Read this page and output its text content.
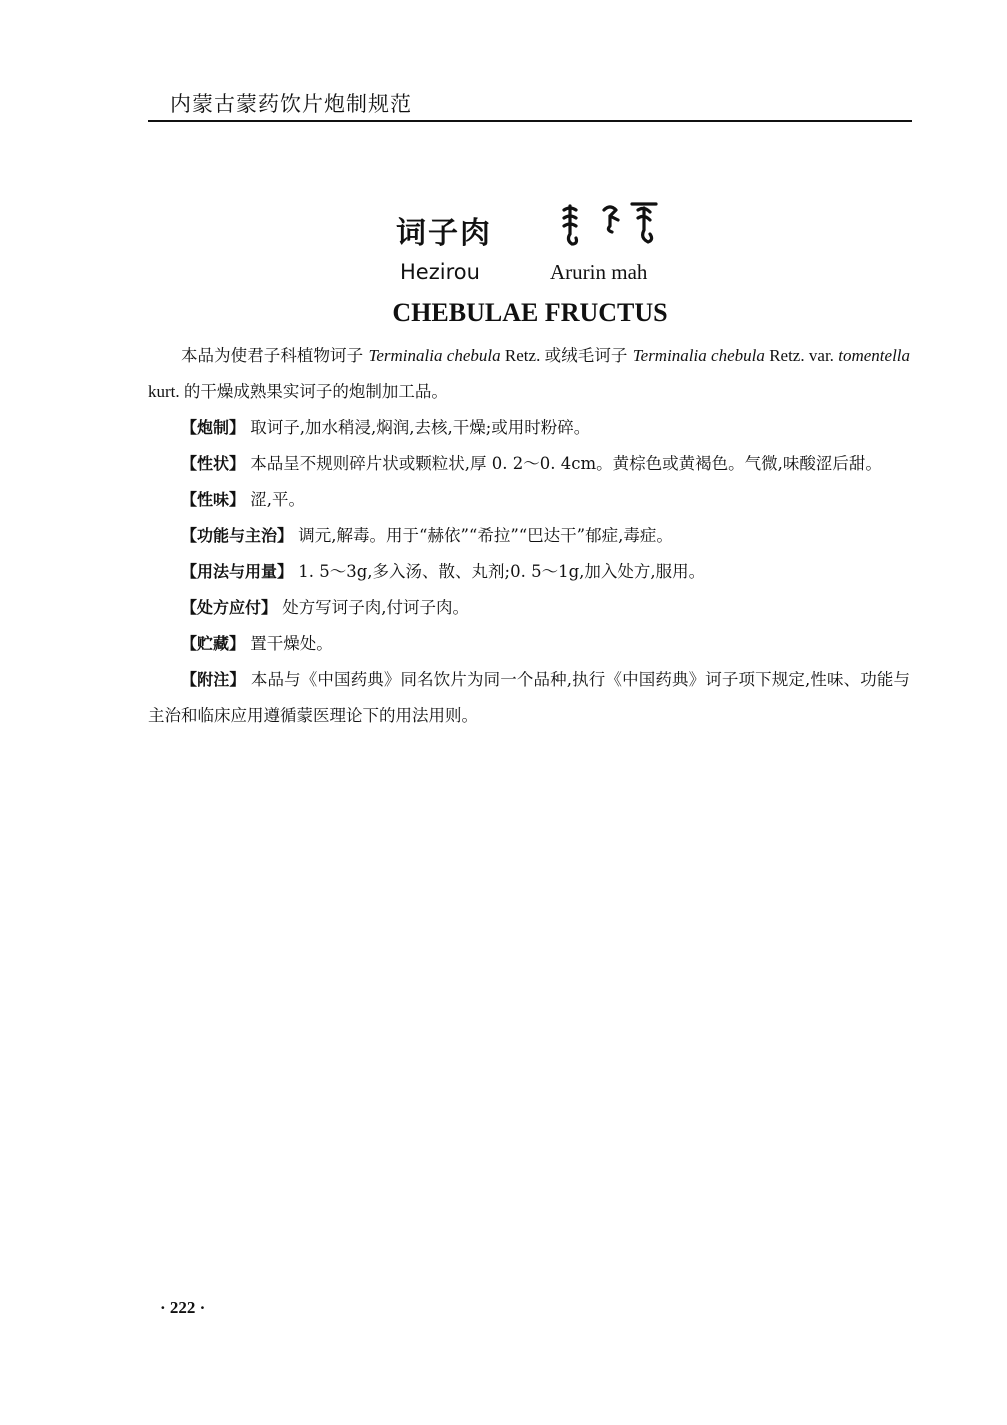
内蒙古蒙药饮片炮制规范
词子肉
Hezirou	Arurin mah
CHEBULAE FRUCTUS

本品为使君子科植物诃子 Terminalia chebula Retz. 或绒毛诃子 Terminalia chebula Retz. var. tomentella kurt. 的干燥成熟果实诃子的炮制加工品。

【炮制】 取诃子,加水稍浸,焖润,去核,干燥;或用时粉碎。

【性状】 本品呈不规则碎片状或颗粒状,厚 0. 2～0. 4cm。黄棕色或黄褐色。气微,味酸涩后甜。

【性味】 涩,平。

【功能与主治】 调元,解毒。用于“赫依”“希拉”“巴达干”郁症,毒症。

【用法与用量】 1. 5～3g,多入汤、散、丸剂;0. 5～1g,加入处方,服用。

【处方应付】 处方写诃子肉,付诃子肉。

【贮藏】 置干燥处。

【附注】 本品与《中国药典》同名饮片为同一个品种,执行《中国药典》诃子项下规定,性味、功能与主治和临床应用遵循蒙医理论下的用法用则。

· 222 ·
